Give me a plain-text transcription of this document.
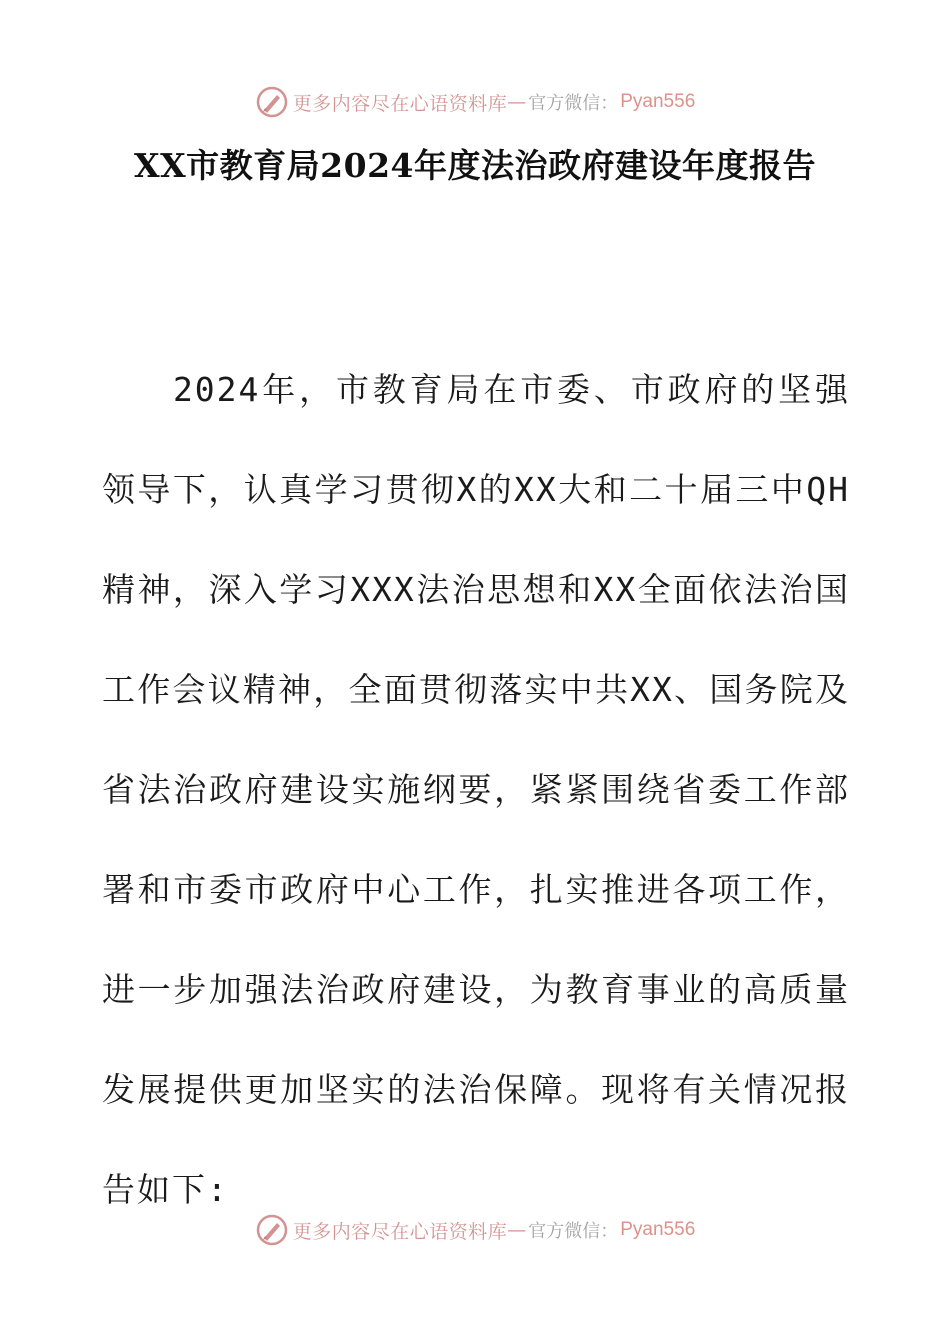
更多内容尽在心语资料库 — 官方微信： Pyan556
XX市教育局2024年度法治政府建设年度报告

2024年，市教育局在市委、市政府的坚强领导下，认真学习贯彻X的XX大和二十届三中QH精神，深入学习XXX法治思想和XX全面依法治国工作会议精神，全面贯彻落实中共XX、国务院及省法治政府建设实施纲要，紧紧围绕省委工作部署和市委市政府中心工作，扎实推进各项工作，进一步加强法治政府建设，为教育事业的高质量发展提供更加坚实的法治保障。现将有关情况报告如下:

更多内容尽在心语资料库 — 官方微信： Pyan556
